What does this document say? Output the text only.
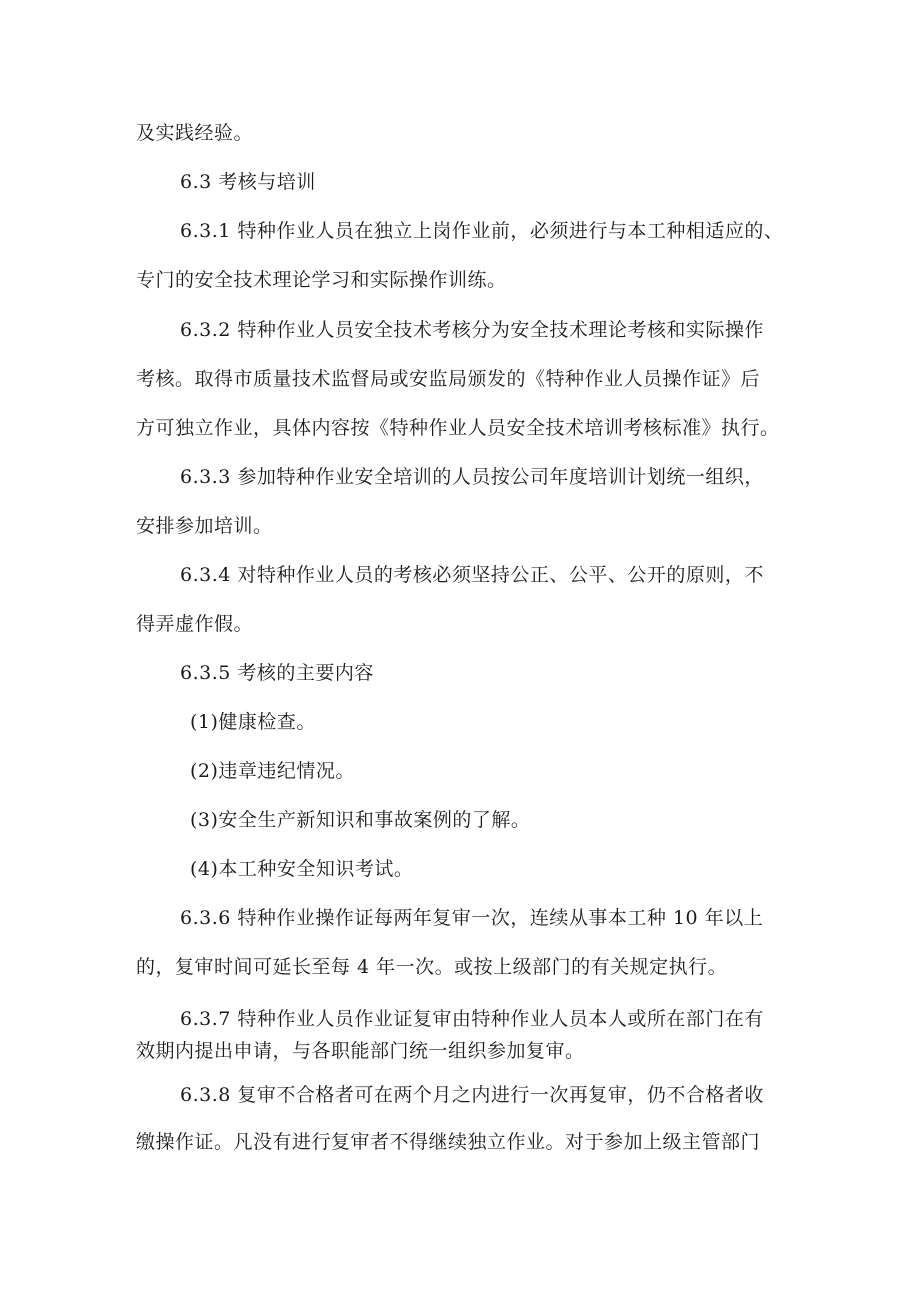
及实践经验。
6.3 考核与培训
6.3.1 特种作业人员在独立上岗作业前，必须进行与本工种相适应的、
专门的安全技术理论学习和实际操作训练。
6.3.2 特种作业人员安全技术考核分为安全技术理论考核和实际操作
考核。取得市质量技术监督局或安监局颁发的《特种作业人员操作证》后
方可独立作业，具体内容按《特种作业人员安全技术培训考核标准》执行。
6.3.3 参加特种作业安全培训的人员按公司年度培训计划统一组织，
安排参加培训。
6.3.4 对特种作业人员的考核必须坚持公正、公平、公开的原则，不
得弄虚作假。
6.3.5 考核的主要内容
(1)健康检查。
(2)违章违纪情况。
(3)安全生产新知识和事故案例的了解。
(4)本工种安全知识考试。
6.3.6 特种作业操作证每两年复审一次，连续从事本工种 10 年以上
的，复审时间可延长至每 4 年一次。或按上级部门的有关规定执行。
6.3.7 特种作业人员作业证复审由特种作业人员本人或所在部门在有
效期内提出申请，与各职能部门统一组织参加复审。
6.3.8 复审不合格者可在两个月之内进行一次再复审，仍不合格者收
缴操作证。凡没有进行复审者不得继续独立作业。对于参加上级主管部门
